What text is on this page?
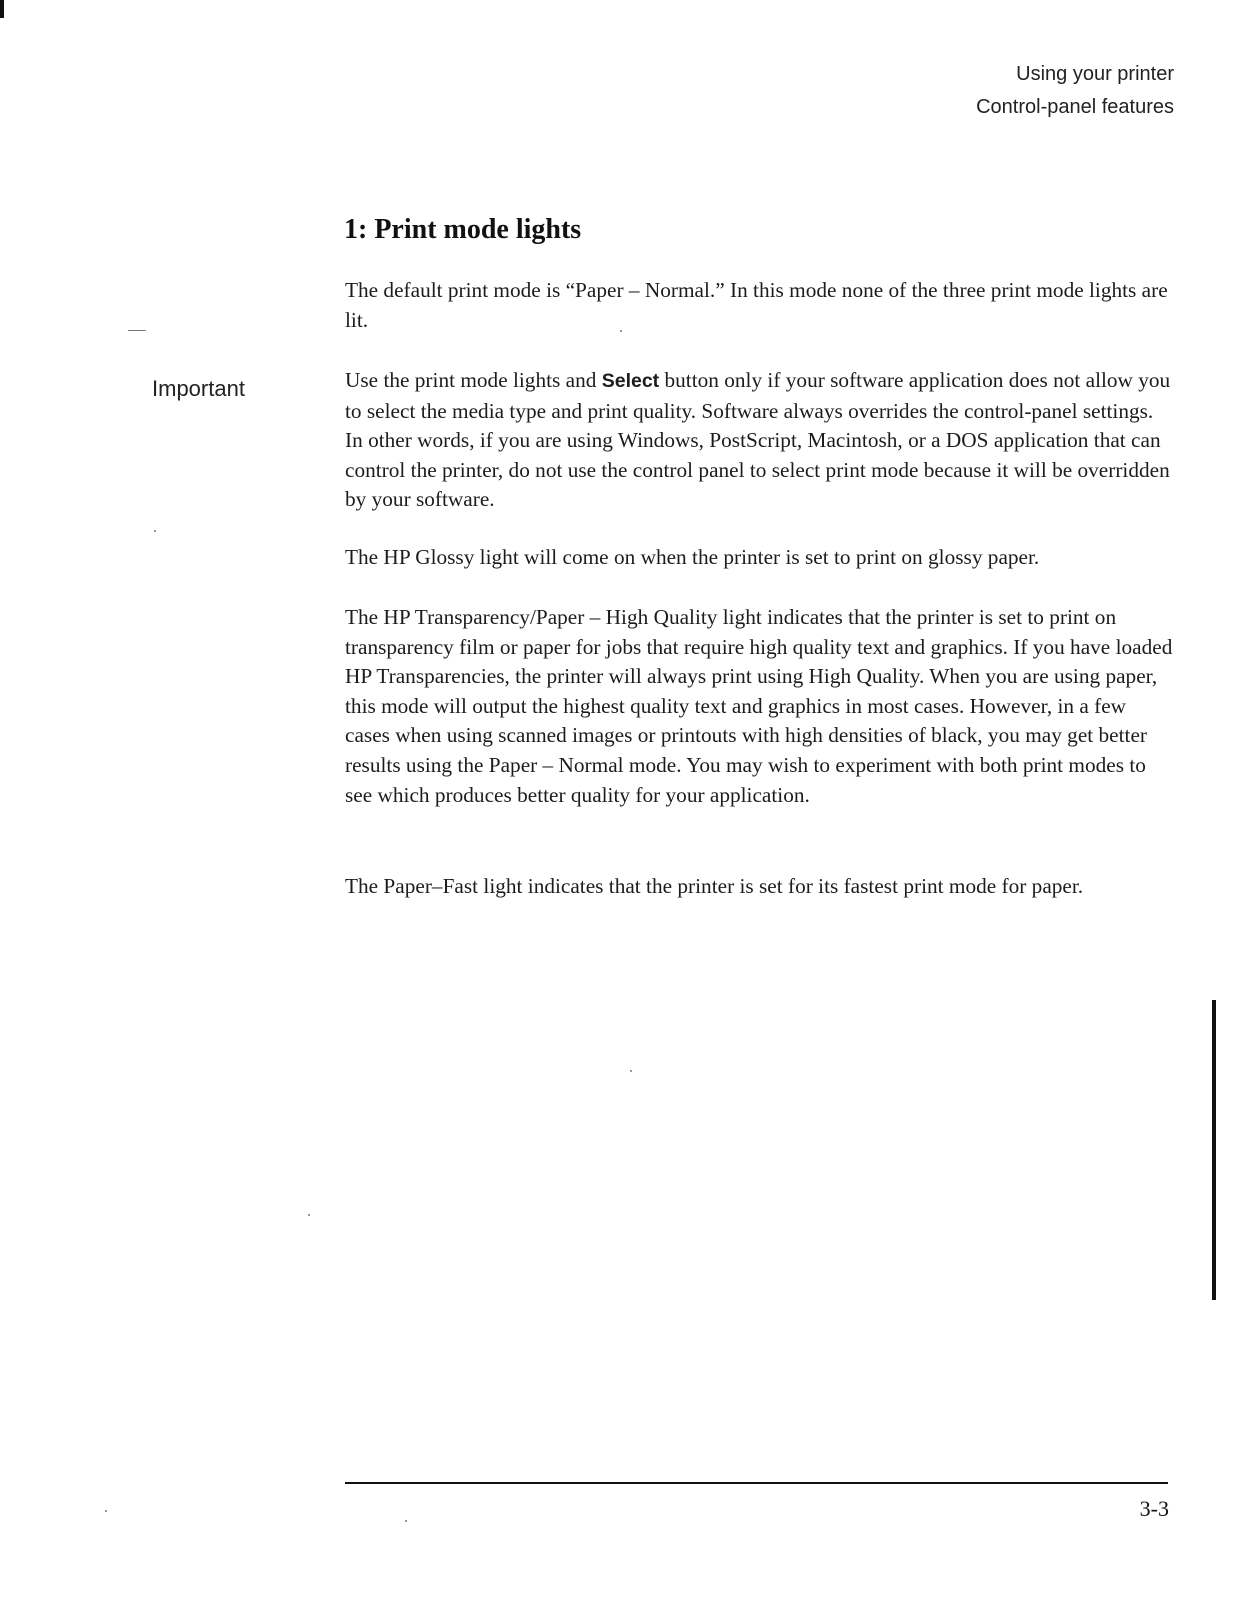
Using your printer
Control-panel features
1: Print mode lights

The default print mode is “Paper – Normal.” In this mode none of the three print mode lights are lit.

Important	Use the print mode lights and Select button only if your software application does not allow you to select the media type and print quality. Software always overrides the control-panel settings. In other words, if you are using Windows, PostScript, Macintosh, or a DOS application that can control the printer, do not use the control panel to select print mode because it will be overridden by your software.

The HP Glossy light will come on when the printer is set to print on glossy paper.

The HP Transparency/Paper – High Quality light indicates that the printer is set to print on transparency film or paper for jobs that require high quality text and graphics. If you have loaded HP Transparencies, the printer will always print using High Quality. When you are using paper, this mode will output the highest quality text and graphics in most cases. However, in a few cases when using scanned images or printouts with high densities of black, you may get better results using the Paper – Normal mode. You may wish to experiment with both print modes to see which produces better quality for your application.

The Paper–Fast light indicates that the printer is set for its fastest print mode for paper.

3-3
